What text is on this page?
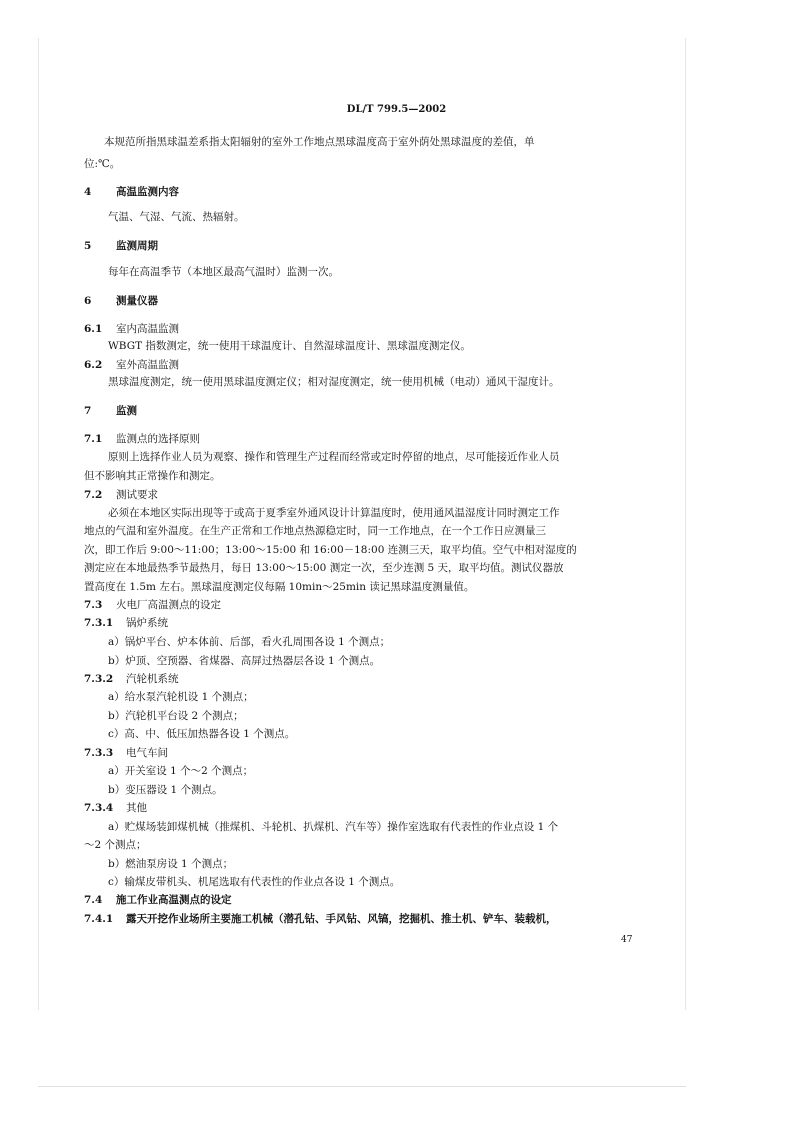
DL/T 799.5—2002
本规范所指黑球温差系指太阳辐射的室外工作地点黑球温度高于室外荫处黑球温度的差值，单
位:℃。
4 高温监测内容
气温、气湿、气流、热辐射。
5 监测周期
每年在高温季节（本地区最高气温时）监测一次。
6 测量仪器
6.1 室内高温监测
WBGT 指数测定，统一使用干球温度计、自然湿球温度计、黑球温度测定仪。
6.2 室外高温监测
黑球温度测定，统一使用黑球温度测定仪；相对湿度测定，统一使用机械（电动）通风干湿度计。
7 监测
7.1 监测点的选择原则
原则上选择作业人员为观察、操作和管理生产过程而经常或定时停留的地点，尽可能接近作业人员
但不影响其正常操作和测定。
7.2 测试要求
必须在本地区实际出现等于或高于夏季室外通风设计计算温度时，使用通风温湿度计同时测定工作
地点的气温和室外温度。在生产正常和工作地点热源稳定时，同一工作地点，在一个工作日应测量三
次，即工作后 9:00～11:00；13:00～15:00 和 16:00－18:00 连测三天，取平均值。空气中相对湿度的
测定应在本地最热季节最热月，每日 13:00～15:00 测定一次，至少连测 5 天，取平均值。测试仪器放
置高度在 1.5m 左右。黑球温度测定仪每隔 10min～25min 读记黑球温度测量值。
7.3 火电厂高温测点的设定
7.3.1 锅炉系统
a）锅炉平台、炉本体前、后部，看火孔周围各设 1 个测点；
b）炉顶、空预器、省煤器、高屏过热器层各设 1 个测点。
7.3.2 汽轮机系统
a）给水泵汽轮机设 1 个测点；
b）汽轮机平台设 2 个测点；
c）高、中、低压加热器各设 1 个测点。
7.3.3 电气车间
a）开关室设 1 个～2 个测点；
b）变压器设 1 个测点。
7.3.4 其他
a）贮煤场装卸煤机械（推煤机、斗轮机、扒煤机、汽车等）操作室选取有代表性的作业点设 1 个
～2 个测点；
b）燃油泵房设 1 个测点；
c）输煤皮带机头、机尾选取有代表性的作业点各设 1 个测点。
7.4 施工作业高温测点的设定
7.4.1 露天开挖作业场所主要施工机械（潜孔钻、手风钻、风镐，挖掘机、推土机、铲车、装载机，
47
